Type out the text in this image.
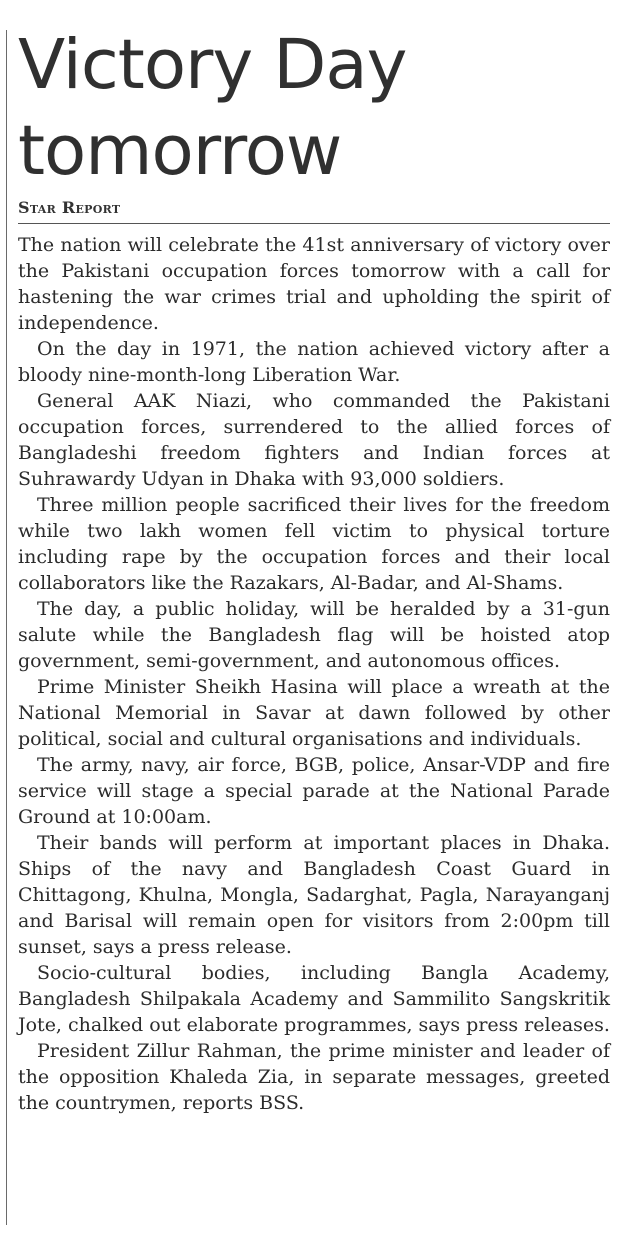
Victory Day tomorrow
Star Report

The nation will celebrate the 41st anniversary of victory over the Pakistani occupation forces tomorrow with a call for hastening the war crimes trial and upholding the spirit of independence.

On the day in 1971, the nation achieved victory after a bloody nine-month-long Liberation War.

General AAK Niazi, who commanded the Pakistani occupation forces, surrendered to the allied forces of Bangladeshi freedom fighters and Indian forces at Suhrawardy Udyan in Dhaka with 93,000 soldiers.

Three million people sacrificed their lives for the freedom while two lakh women fell victim to physical torture including rape by the occupation forces and their local collaborators like the Razakars, Al-Badar, and Al-Shams.

The day, a public holiday, will be heralded by a 31-gun salute while the Bangladesh flag will be hoisted atop government, semi-government, and autonomous offices.

Prime Minister Sheikh Hasina will place a wreath at the National Memorial in Savar at dawn followed by other political, social and cultural organisations and individuals.

The army, navy, air force, BGB, police, Ansar-VDP and fire service will stage a special parade at the National Parade Ground at 10:00am.

Their bands will perform at important places in Dhaka. Ships of the navy and Bangladesh Coast Guard in Chittagong, Khulna, Mongla, Sadarghat, Pagla, Narayanganj and Barisal will remain open for visitors from 2:00pm till sunset, says a press release.

Socio-cultural bodies, including Bangla Academy, Bangladesh Shilpakala Academy and Sammilito Sangskritik Jote, chalked out elaborate programmes, says press releases.

President Zillur Rahman, the prime minister and leader of the opposition Khaleda Zia, in separate messages, greeted the countrymen, reports BSS.
